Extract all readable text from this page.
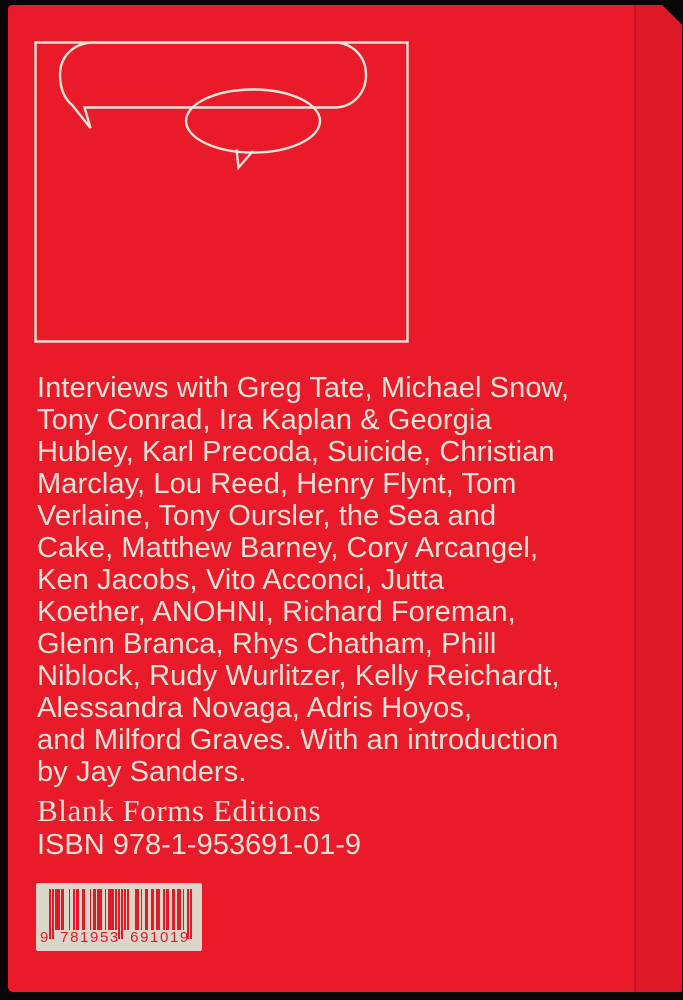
Interviews with Greg Tate, Michael Snow,
Tony Conrad, Ira Kaplan & Georgia
Hubley, Karl Precoda, Suicide, Christian
Marclay, Lou Reed, Henry Flynt, Tom
Verlaine, Tony Oursler, the Sea and
Cake, Matthew Barney, Cory Arcangel,
Ken Jacobs, Vito Acconci, Jutta
Koether, ANOHNI, Richard Foreman,
Glenn Branca, Rhys Chatham, Phill
Niblock, Rudy Wurlitzer, Kelly Reichardt,
Alessandra Novaga, Adris Hoyos,
and Milford Graves. With an introduction
by Jay Sanders.
Blank Forms Editions
ISBN 978-1-953691-01-9
9 781953 691019
